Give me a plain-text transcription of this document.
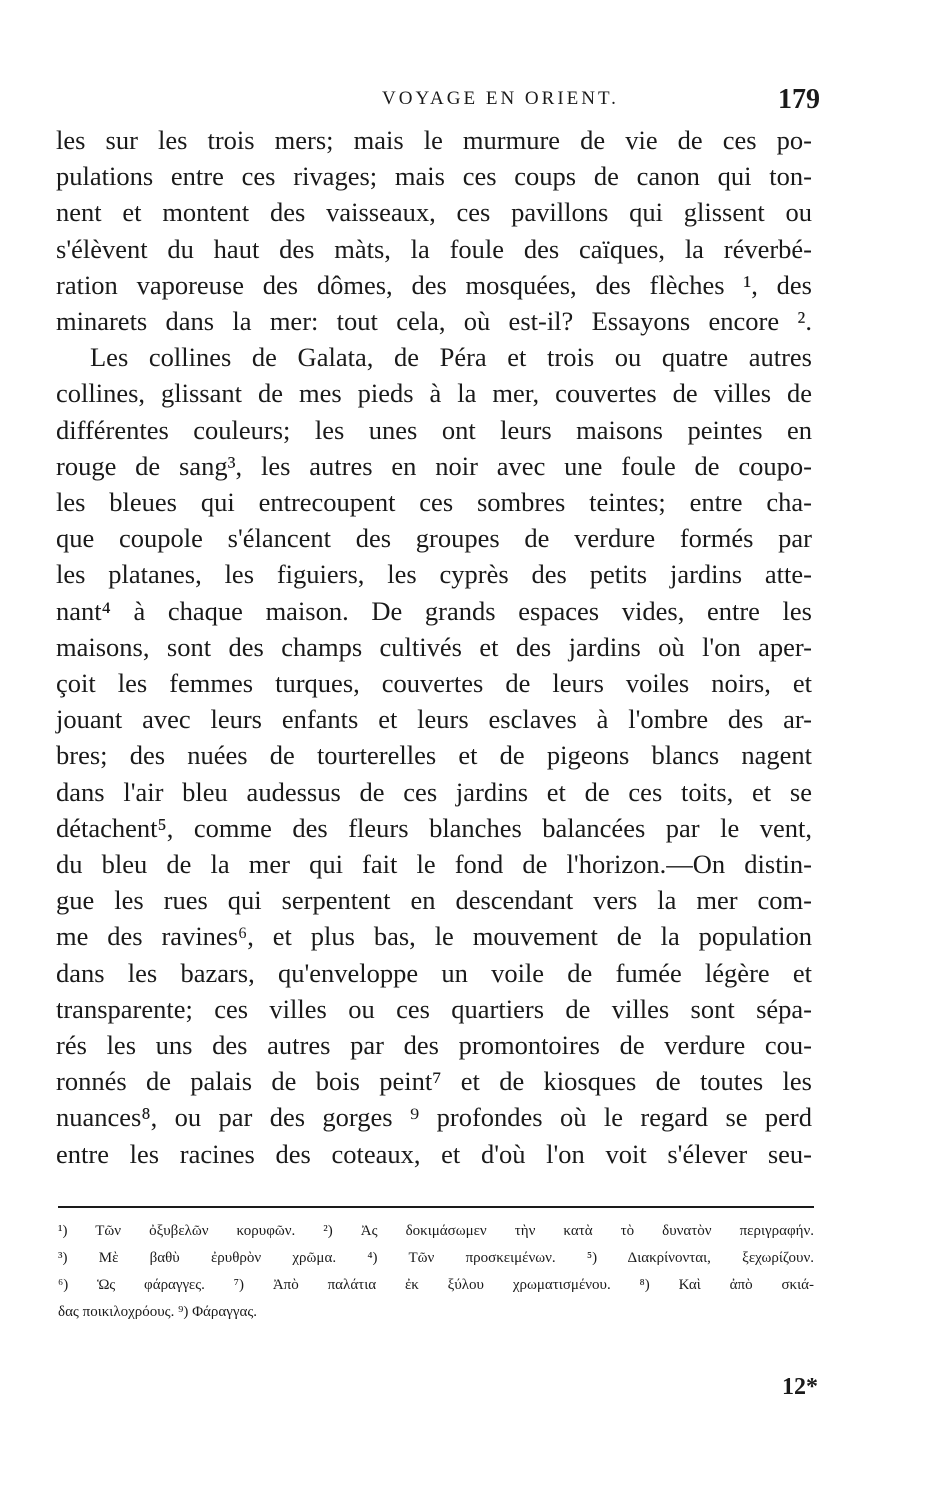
VOYAGE EN ORIENT.	179
les sur les trois mers; mais le murmure de vie de ces po-
pulations entre ces rivages; mais ces coups de canon qui ton-
nent et montent des vaisseaux, ces pavillons qui glissent ou
s'élèvent du haut des màts, la foule des caïques, la réverbé-
ration vaporeuse des dômes, des mosquées, des flèches ¹, des
minarets dans la mer: tout cela, où est-il? Essayons encore ².
Les collines de Galata, de Péra et trois ou quatre autres
collines, glissant de mes pieds à la mer, couvertes de villes de
différentes couleurs; les unes ont leurs maisons peintes en
rouge de sang³, les autres en noir avec une foule de coupo-
les bleues qui entrecoupent ces sombres teintes; entre cha-
que coupole s'élancent des groupes de verdure formés par
les platanes, les figuiers, les cyprès des petits jardins atte-
nant⁴ à chaque maison. De grands espaces vides, entre les
maisons, sont des champs cultivés et des jardins où l'on aper-
çoit les femmes turques, couvertes de leurs voiles noirs, et
jouant avec leurs enfants et leurs esclaves à l'ombre des ar-
bres; des nuées de tourterelles et de pigeons blancs nagent
dans l'air bleu audessus de ces jardins et de ces toits, et se
détachent⁵, comme des fleurs blanches balancées par le vent,
du bleu de la mer qui fait le fond de l'horizon.—On distin-
gue les rues qui serpentent en descendant vers la mer com-
me des ravines⁶, et plus bas, le mouvement de la population
dans les bazars, qu'enveloppe un voile de fumée légère et
transparente; ces villes ou ces quartiers de villes sont sépa-
rés les uns des autres par des promontoires de verdure cou-
ronnés de palais de bois peint⁷ et de kiosques de toutes les
nuances⁸, ou par des gorges ⁹ profondes où le regard se perd
entre les racines des coteaux, et d'où l'on voit s'élever seu-
¹) Τῶν ὀξυβελῶν κορυφῶν. ²) Ἀς δοκιμάσωμεν τὴν κατὰ τὸ δυνατὸν περιγραφήν.
³) Μὲ βαθὺ ἐρυθρὸν χρῶμα. ⁴) Τῶν προσκειμένων. ⁵) Διακρίνονται, ξεχωρίζουν.
⁶) Ὡς φάραγγες. ⁷) Ἀπὸ παλάτια ἐκ ξύλου χρωματισμένου. ⁸) Καὶ ἀπὸ σκιά-
δας ποικιλοχρόους. ⁹) Φάραγγας.
12*
